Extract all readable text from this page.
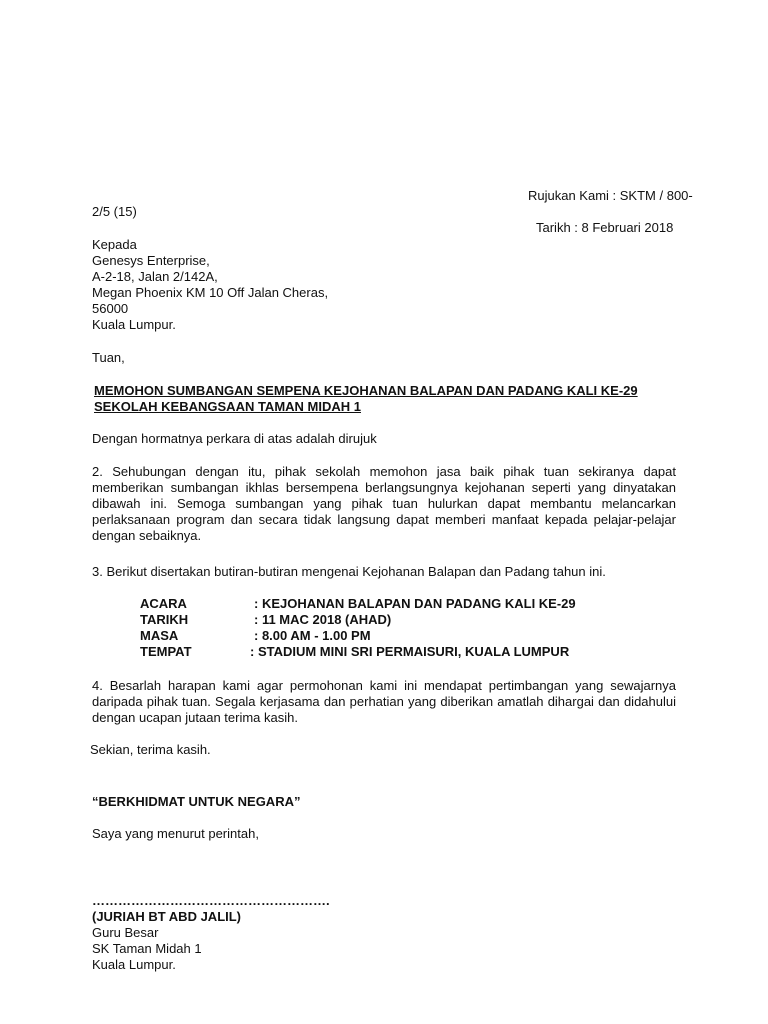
Rujukan Kami : SKTM / 800-
2/5 (15)
Tarikh : 8 Februari 2018
Kepada
Genesys Enterprise,
A-2-18, Jalan 2/142A,
Megan Phoenix KM 10 Off Jalan Cheras,
56000
Kuala Lumpur.
Tuan,
MEMOHON SUMBANGAN SEMPENA KEJOHANAN BALAPAN DAN PADANG KALI KE-29
SEKOLAH KEBANGSAAN TAMAN MIDAH 1
Dengan hormatnya perkara di atas adalah dirujuk
2. Sehubungan dengan itu, pihak sekolah memohon jasa baik pihak tuan sekiranya dapat
memberikan sumbangan ikhlas bersempena berlangsungnya kejohanan seperti yang dinyatakan
dibawah ini. Semoga sumbangan yang pihak tuan hulurkan dapat membantu melancarkan
perlaksanaan program dan secara tidak langsung dapat memberi manfaat kepada pelajar-pelajar
dengan sebaiknya.
3. Berikut disertakan butiran-butiran mengenai Kejohanan Balapan dan Padang tahun ini.
ACARA	: KEJOHANAN BALAPAN DAN PADANG KALI KE-29
TARIKH	: 11 MAC 2018 (AHAD)
MASA	: 8.00 AM - 1.00 PM
TEMPAT	: STADIUM MINI SRI PERMAISURI, KUALA LUMPUR
4. Besarlah harapan kami agar permohonan kami ini mendapat pertimbangan yang sewajarnya
daripada pihak tuan. Segala kerjasama dan perhatian yang diberikan amatlah dihargai dan didahului
dengan ucapan jutaan terima kasih.
Sekian, terima kasih.
“BERKHIDMAT UNTUK NEGARA”
Saya yang menurut perintah,
……………………………………………….
(JURIAH BT ABD JALIL)
Guru Besar
SK Taman Midah 1
Kuala Lumpur.
